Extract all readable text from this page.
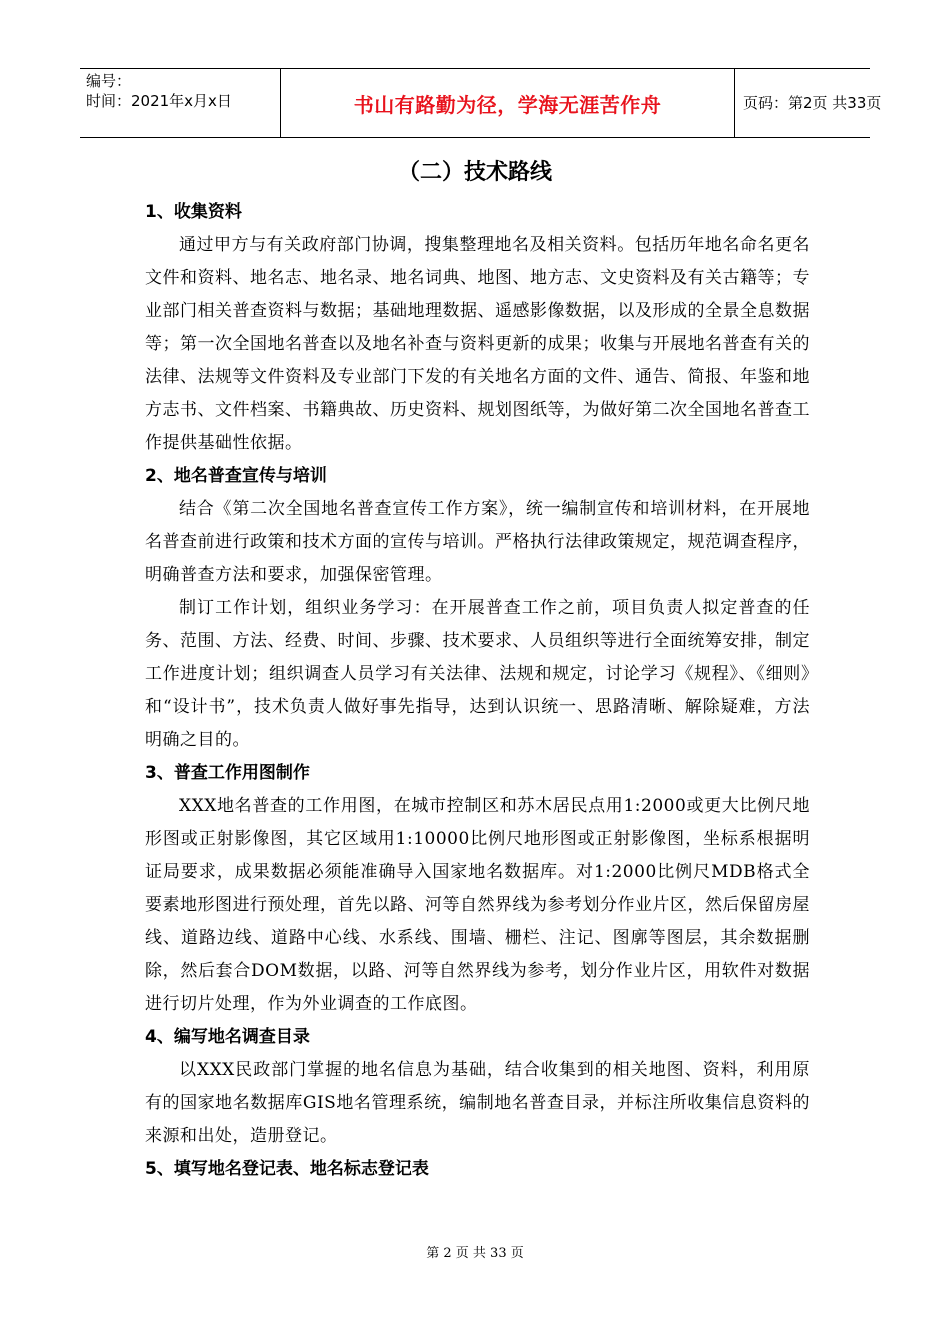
编号：
时间：2021年x月x日	书山有路勤为径，学海无涯苦作舟	页码：第2页 共33页
（二）技术路线

1、收集资料

通过甲方与有关政府部门协调，搜集整理地名及相关资料。包括历年地名命名更名文件和资料、地名志、地名录、地名词典、地图、地方志、文史资料及有关古籍等；专业部门相关普查资料与数据；基础地理数据、遥感影像数据，以及形成的全景全息数据等；第一次全国地名普查以及地名补查与资料更新的成果；收集与开展地名普查有关的法律、法规等文件资料及专业部门下发的有关地名方面的文件、通告、简报、年鉴和地方志书、文件档案、书籍典故、历史资料、规划图纸等，为做好第二次全国地名普查工作提供基础性依据。

2、地名普查宣传与培训

结合《第二次全国地名普查宣传工作方案》，统一编制宣传和培训材料，在开展地名普查前进行政策和技术方面的宣传与培训。严格执行法律政策规定，规范调查程序，明确普查方法和要求，加强保密管理。

制订工作计划，组织业务学习：在开展普查工作之前，项目负责人拟定普查的任务、范围、方法、经费、时间、步骤、技术要求、人员组织等进行全面统筹安排，制定工作进度计划；组织调查人员学习有关法律、法规和规定，讨论学习《规程》、《细则》和“设计书”，技术负责人做好事先指导，达到认识统一、思路清晰、解除疑难，方法明确之目的。

3、普查工作用图制作

XXX地名普查的工作用图，在城市控制区和苏木居民点用1:2000或更大比例尺地形图或正射影像图，其它区域用1:10000比例尺地形图或正射影像图，坐标系根据明证局要求，成果数据必须能准确导入国家地名数据库。对1:2000比例尺MDB格式全要素地形图进行预处理，首先以路、河等自然界线为参考划分作业片区，然后保留房屋线、道路边线、道路中心线、水系线、围墙、栅栏、注记、图廓等图层，其余数据删除，然后套合DOM数据，以路、河等自然界线为参考，划分作业片区，用软件对数据进行切片处理，作为外业调查的工作底图。

4、编写地名调查目录

以XXX民政部门掌握的地名信息为基础，结合收集到的相关地图、资料，利用原有的国家地名数据库GIS地名管理系统，编制地名普查目录，并标注所收集信息资料的来源和出处，造册登记。

5、填写地名登记表、地名标志登记表

第 2 页 共 33 页
